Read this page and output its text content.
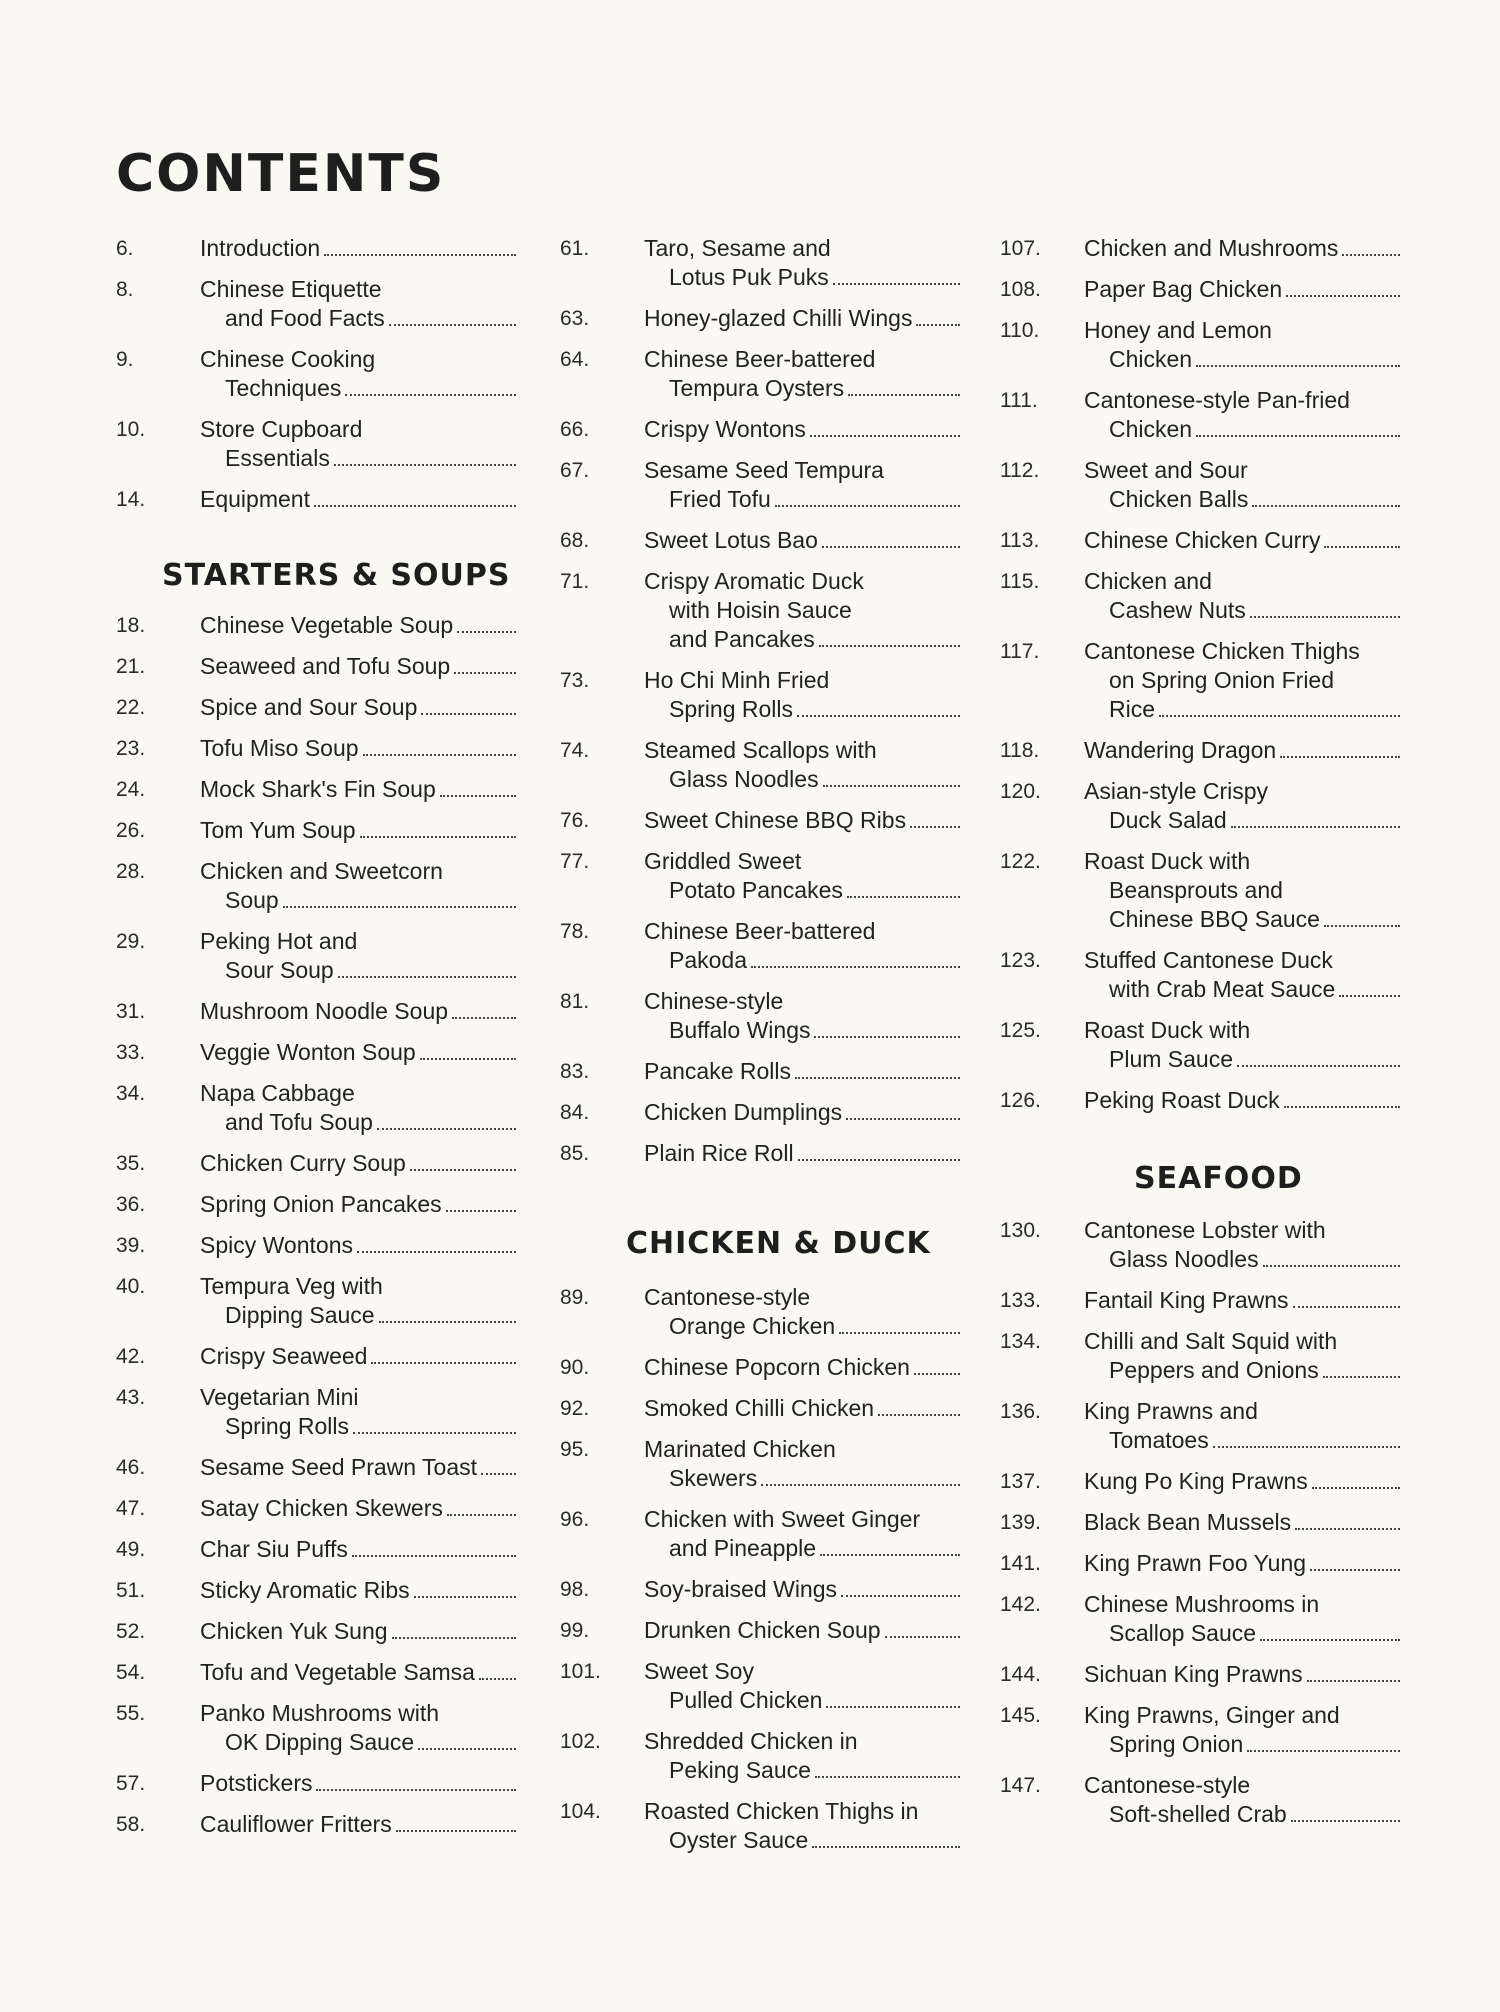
CONTENTS
6.	Introduction
8.	Chinese Etiquette
and Food Facts
9.	Chinese Cooking
Techniques
10.	Store Cupboard
Essentials
14.	Equipment
STARTERS & SOUPS
18.	Chinese Vegetable Soup
21.	Seaweed and Tofu Soup
22.	Spice and Sour Soup
23.	Tofu Miso Soup
24.	Mock Shark's Fin Soup
26.	Tom Yum Soup
28.	Chicken and Sweetcorn
Soup
29.	Peking Hot and
Sour Soup
31.	Mushroom Noodle Soup
33.	Veggie Wonton Soup
34.	Napa Cabbage
and Tofu Soup
35.	Chicken Curry Soup
36.	Spring Onion Pancakes
39.	Spicy Wontons
40.	Tempura Veg with
Dipping Sauce
42.	Crispy Seaweed
43.	Vegetarian Mini
Spring Rolls
46.	Sesame Seed Prawn Toast
47.	Satay Chicken Skewers
49.	Char Siu Puffs
51.	Sticky Aromatic Ribs
52.	Chicken Yuk Sung
54.	Tofu and Vegetable Samsa
55.	Panko Mushrooms with
OK Dipping Sauce
57.	Potstickers
58.	Cauliflower Fritters
61.	Taro, Sesame and
Lotus Puk Puks
63.	Honey-glazed Chilli Wings
64.	Chinese Beer-battered
Tempura Oysters
66.	Crispy Wontons
67.	Sesame Seed Tempura
Fried Tofu
68.	Sweet Lotus Bao
71.	Crispy Aromatic Duck
with Hoisin Sauce
and Pancakes
73.	Ho Chi Minh Fried
Spring Rolls
74.	Steamed Scallops with
Glass Noodles
76.	Sweet Chinese BBQ Ribs
77.	Griddled Sweet
Potato Pancakes
78.	Chinese Beer-battered
Pakoda
81.	Chinese-style
Buffalo Wings
83.	Pancake Rolls
84.	Chicken Dumplings
85.	Plain Rice Roll
CHICKEN & DUCK
89.	Cantonese-style
Orange Chicken
90.	Chinese Popcorn Chicken
92.	Smoked Chilli Chicken
95.	Marinated Chicken
Skewers
96.	Chicken with Sweet Ginger
and Pineapple
98.	Soy-braised Wings
99.	Drunken Chicken Soup
101.	Sweet Soy
Pulled Chicken
102.	Shredded Chicken in
Peking Sauce
104.	Roasted Chicken Thighs in
Oyster Sauce
107.	Chicken and Mushrooms
108.	Paper Bag Chicken
110.	Honey and Lemon
Chicken
111.	Cantonese-style Pan-fried
Chicken
112.	Sweet and Sour
Chicken Balls
113.	Chinese Chicken Curry
115.	Chicken and
Cashew Nuts
117.	Cantonese Chicken Thighs
on Spring Onion Fried
Rice
118.	Wandering Dragon
120.	Asian-style Crispy
Duck Salad
122.	Roast Duck with
Beansprouts and
Chinese BBQ Sauce
123.	Stuffed Cantonese Duck
with Crab Meat Sauce
125.	Roast Duck with
Plum Sauce
126.	Peking Roast Duck
SEAFOOD
130.	Cantonese Lobster with
Glass Noodles
133.	Fantail King Prawns
134.	Chilli and Salt Squid with
Peppers and Onions
136.	King Prawns and
Tomatoes
137.	Kung Po King Prawns
139.	Black Bean Mussels
141.	King Prawn Foo Yung
142.	Chinese Mushrooms in
Scallop Sauce
144.	Sichuan King Prawns
145.	King Prawns, Ginger and
Spring Onion
147.	Cantonese-style
Soft-shelled Crab
